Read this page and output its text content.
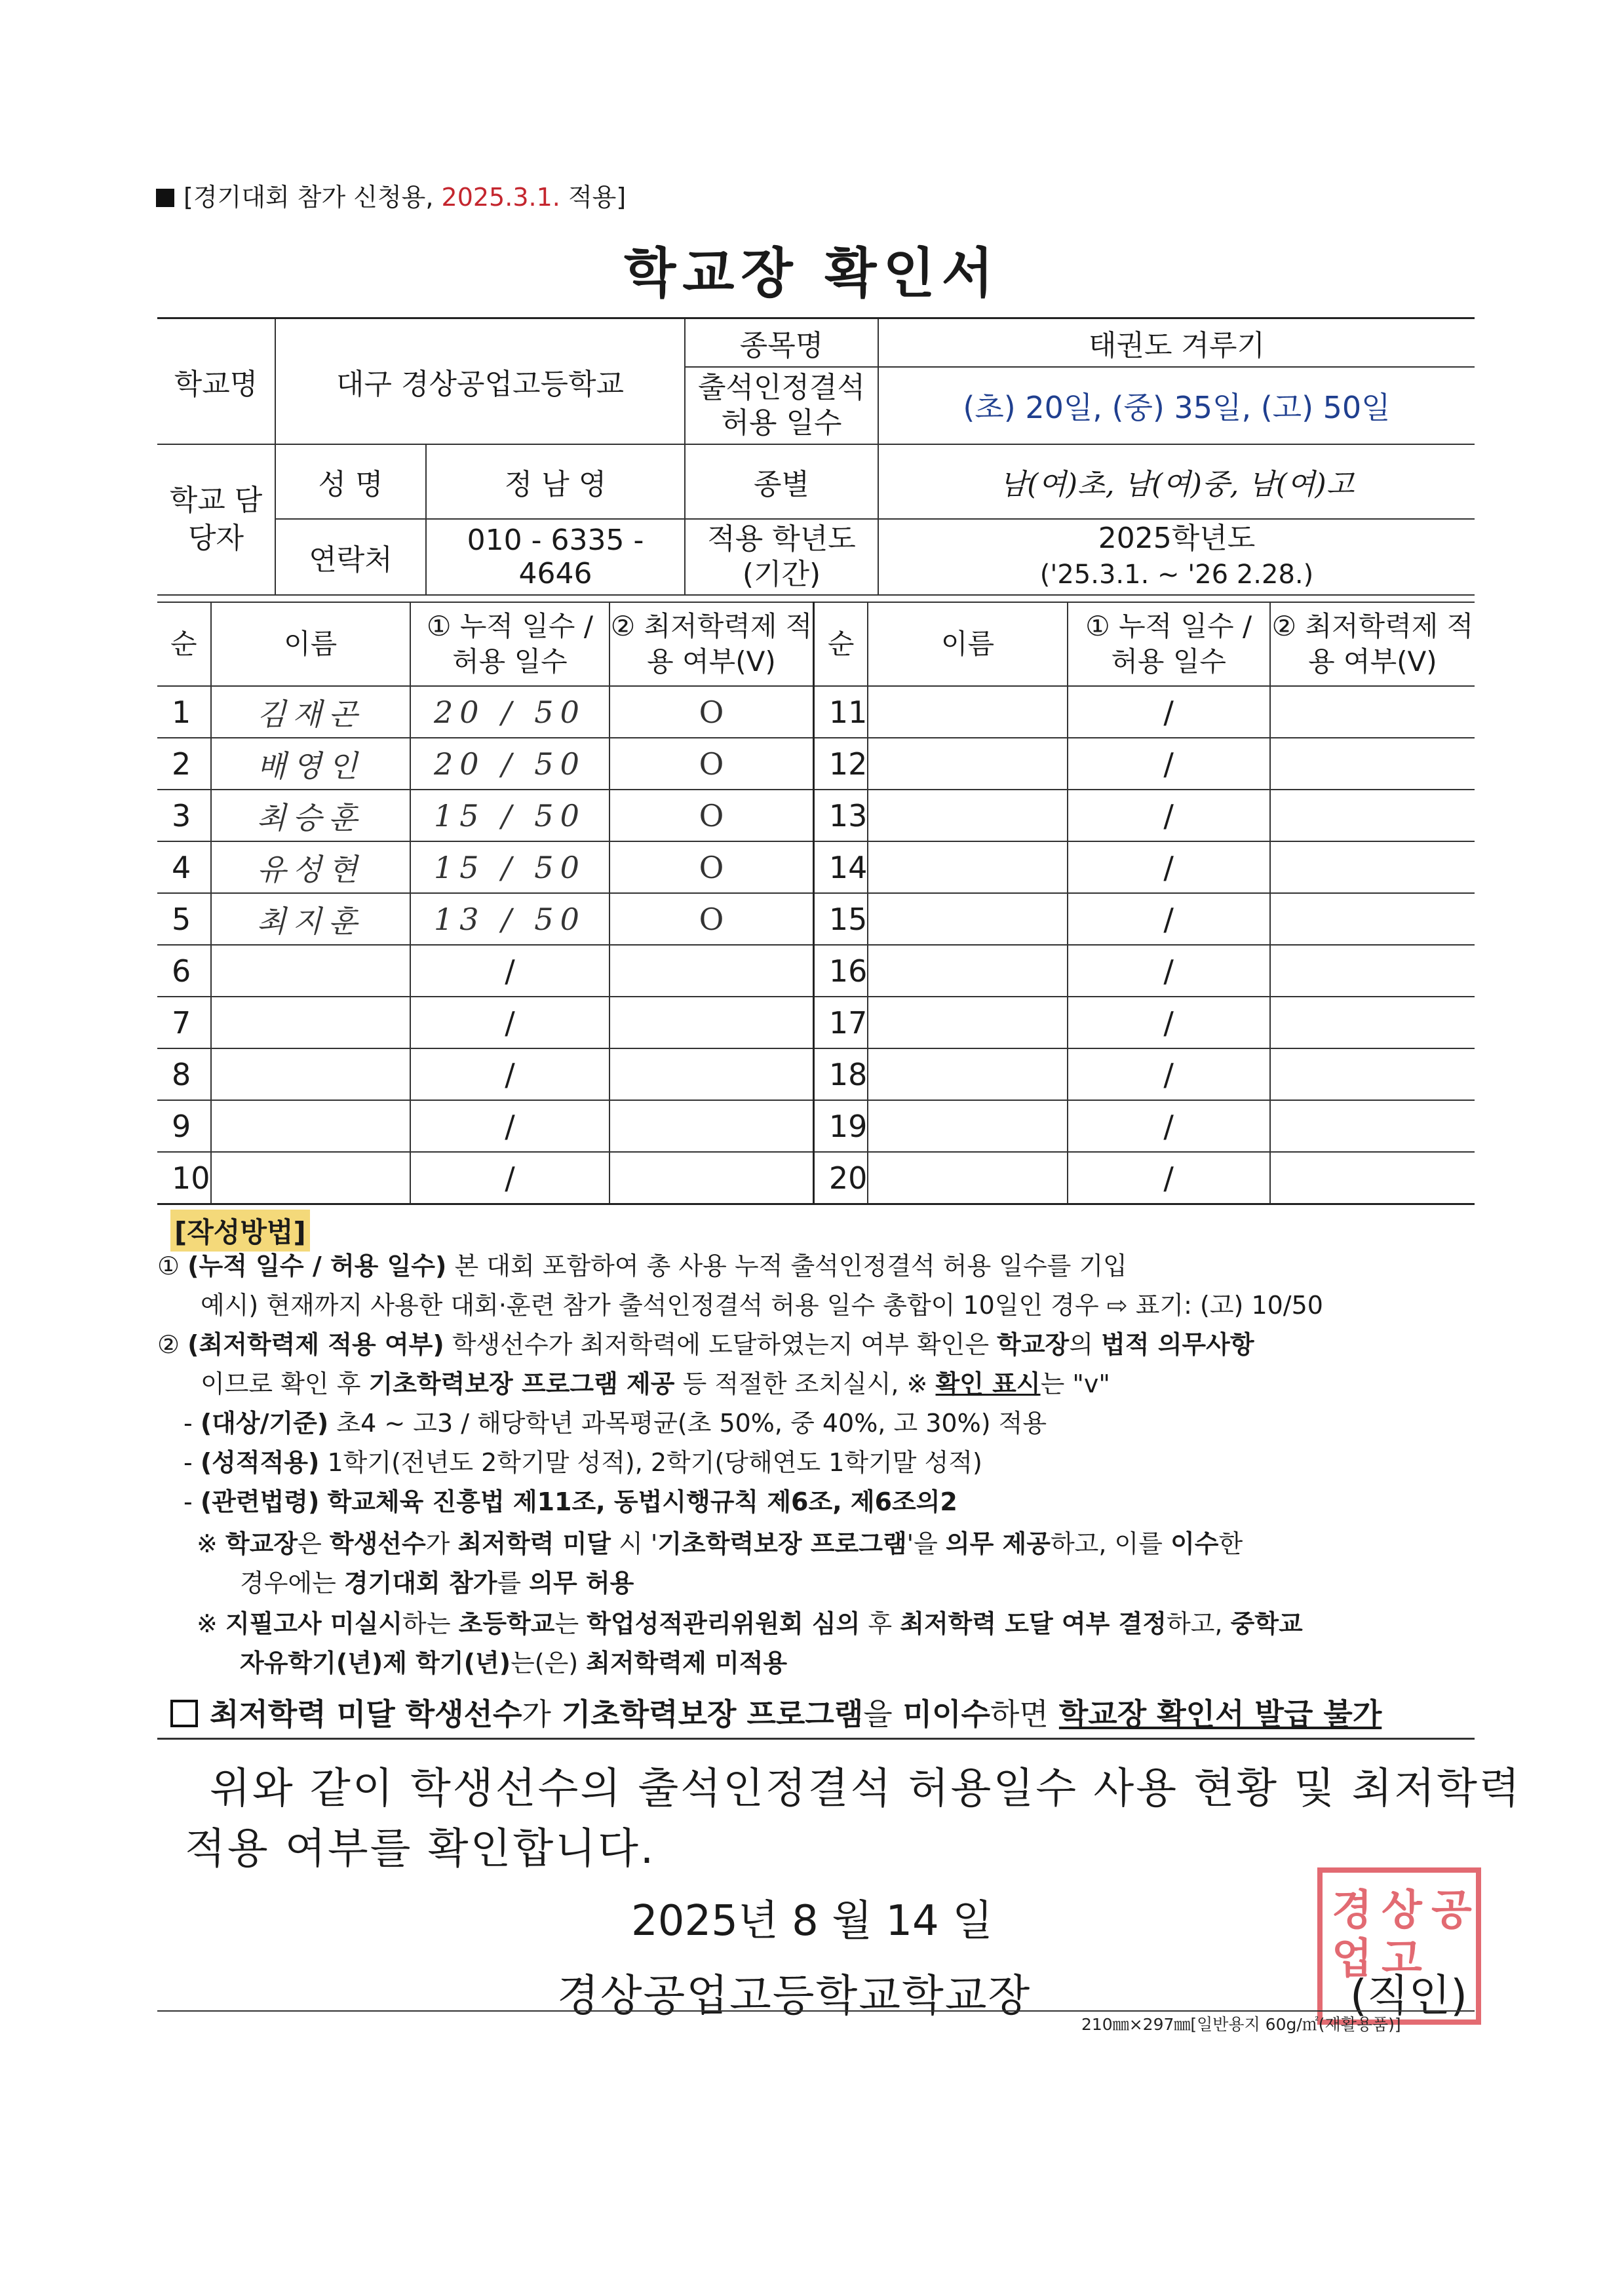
[경기대회 참가 신청용, 2025.3.1. 적용]
학교장 확인서
학교명	대구 경상공업고등학교		종목명	태권도 겨루기
			출석인정결석 허용 일수	(초) 20일, (중) 35일, (고) 50일
학교 담당자	성 명	정 남 영	종별	남(여)초, 남(여)중, 남(여)고
	연락처	010 - 6335 - 4646	적용 학년도 (기간)	2025학년도
('25.3.1. ~ '26 2.28.)
순	이름	① 누적 일수 / 허용 일수	② 최저학력제 적용 여부(V)	순	이름	① 누적 일수 / 허용 일수	② 최저학력제 적용 여부(V)
1	김재곤	20 / 50	O	11		/	
2	배영인	20 / 50	O	12		/	
3	최승훈	15 / 50	O	13		/	
4	유성현	15 / 50	O	14		/	
5	최지훈	13 / 50	O	15		/	
6		/		16		/	
7		/		17		/	
8		/		18		/	
9		/		19		/	
10		/		20		/	
[작성방법]
① (누적 일수 / 허용 일수) 본 대회 포함하여 총 사용 누적 출석인정결석 허용 일수를 기입
예시) 현재까지 사용한 대회·훈련 참가 출석인정결석 허용 일수 총합이 10일인 경우 ⇨ 표기: (고) 10/50
② (최저학력제 적용 여부) 학생선수가 최저학력에 도달하였는지 여부 확인은 학교장의 법적 의무사항
이므로 확인 후 기초학력보장 프로그램 제공 등 적절한 조치실시, ※ 확인 표시는 "v"
- (대상/기준) 초4 ~ 고3 / 해당학년 과목평균(초 50%, 중 40%, 고 30%) 적용
- (성적적용) 1학기(전년도 2학기말 성적), 2학기(당해연도 1학기말 성적)
- (관련법령) 학교체육 진흥법 제11조, 동법시행규칙 제6조, 제6조의2
※ 학교장은 학생선수가 최저학력 미달 시 '기초학력보장 프로그램'을 의무 제공하고, 이를 이수한
경우에는 경기대회 참가를 의무 허용
※ 지필고사 미실시하는 초등학교는 학업성적관리위원회 심의 후 최저학력 도달 여부 결정하고, 중학교
자유학기(년)제 학기(년)는(은) 최저학력제 미적용
최저학력 미달 학생선수가 기초학력보장 프로그램을 미이수하면 학교장 확인서 발급 불가
위와 같이 학생선수의 출석인정결석 허용일수 사용 현황 및 최저학력
적용 여부를 확인합니다.
2025년 8 월 14 일	경 상 공
업 고
경상공업고등학교학교장	(직인)
210㎜×297㎜[일반용지 60g/㎡(재활용품)]
